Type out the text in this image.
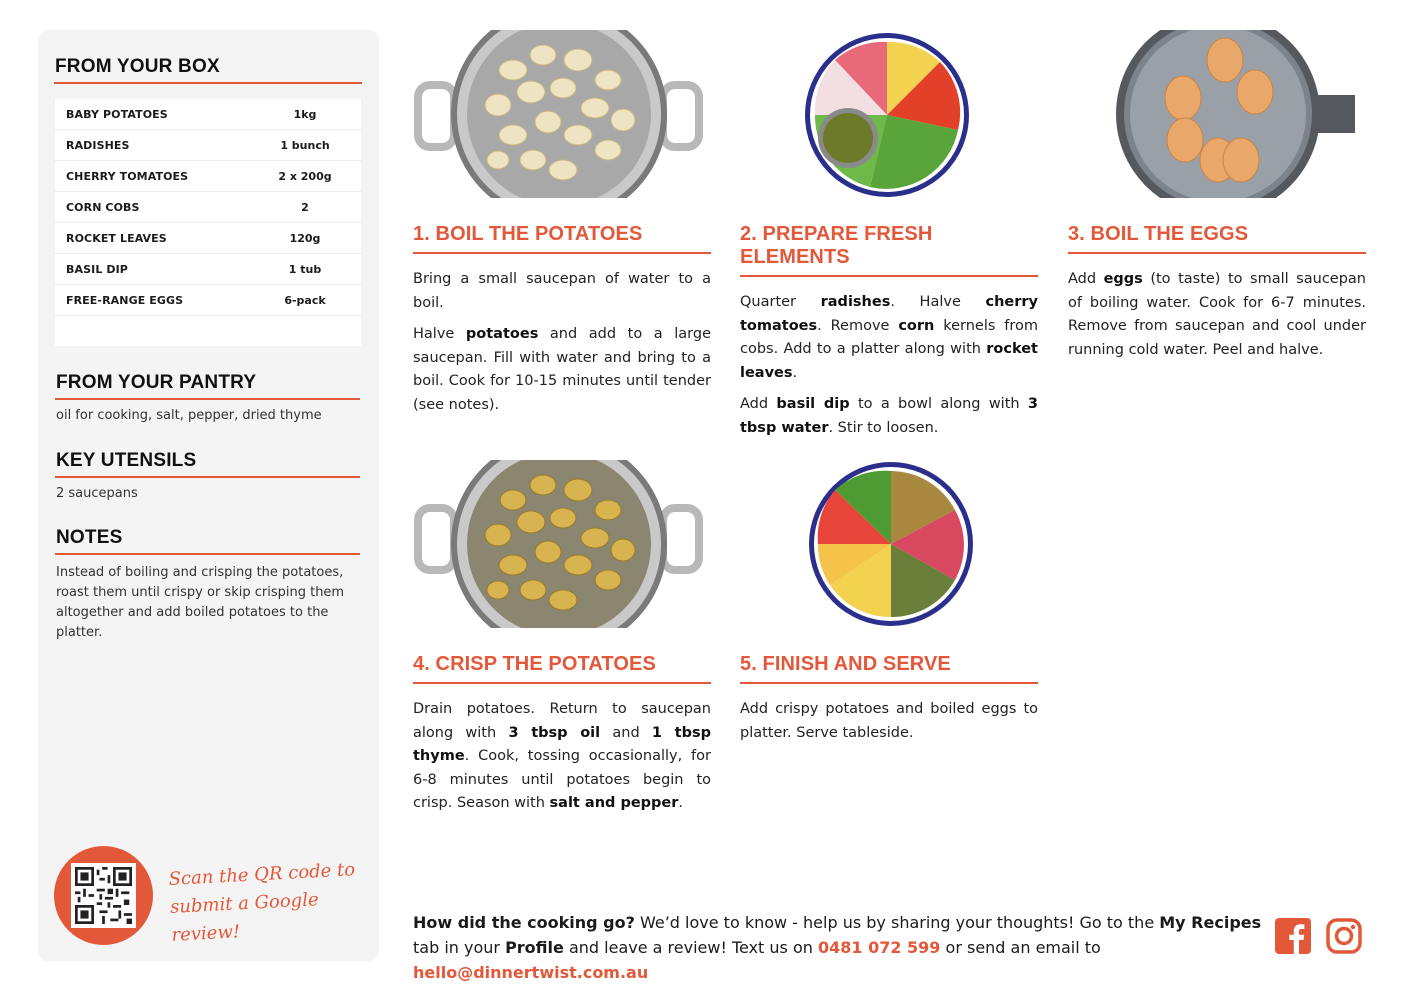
FROM YOUR BOX
BABY POTATOES	1kg
RADISHES	1 bunch
CHERRY TOMATOES	2 x 200g
CORN COBS	2
ROCKET LEAVES	120g
BASIL DIP	1 tub
FREE-RANGE EGGS	6-pack
FROM YOUR PANTRY
oil for cooking, salt, pepper, dried thyme
KEY UTENSILS
2 saucepans
NOTES
Instead of boiling and crisping the potatoes, roast them until crispy or skip crisping them altogether and add boiled potatoes to the platter.
Scan the QR code to submit a Google review!
1. BOIL THE POTATOES

Bring a small saucepan of water to a boil.

Halve potatoes and add to a large saucepan. Fill with water and bring to a boil. Cook for 10-15 minutes until tender (see notes).

2. PREPARE FRESH ELEMENTS

Quarter radishes. Halve cherry tomatoes. Remove corn kernels from cobs. Add to a platter along with rocket leaves.

Add basil dip to a bowl along with 3 tbsp water. Stir to loosen.

3. BOIL THE EGGS

Add eggs (to taste) to small saucepan of boiling water. Cook for 6-7 minutes. Remove from saucepan and cool under running cold water. Peel and halve.

4. CRISP THE POTATOES

Drain potatoes. Return to saucepan along with 3 tbsp oil and 1 tbsp thyme. Cook, tossing occasionally, for 6-8 minutes until potatoes begin to crisp. Season with salt and pepper.

5. FINISH AND SERVE

Add crispy potatoes and boiled eggs to platter. Serve tableside.

How did the cooking go? We’d love to know - help us by sharing your thoughts! Go to the My Recipes tab in your Profile and leave a review! Text us on 0481 072 599 or send an email to hello@dinnertwist.com.au
